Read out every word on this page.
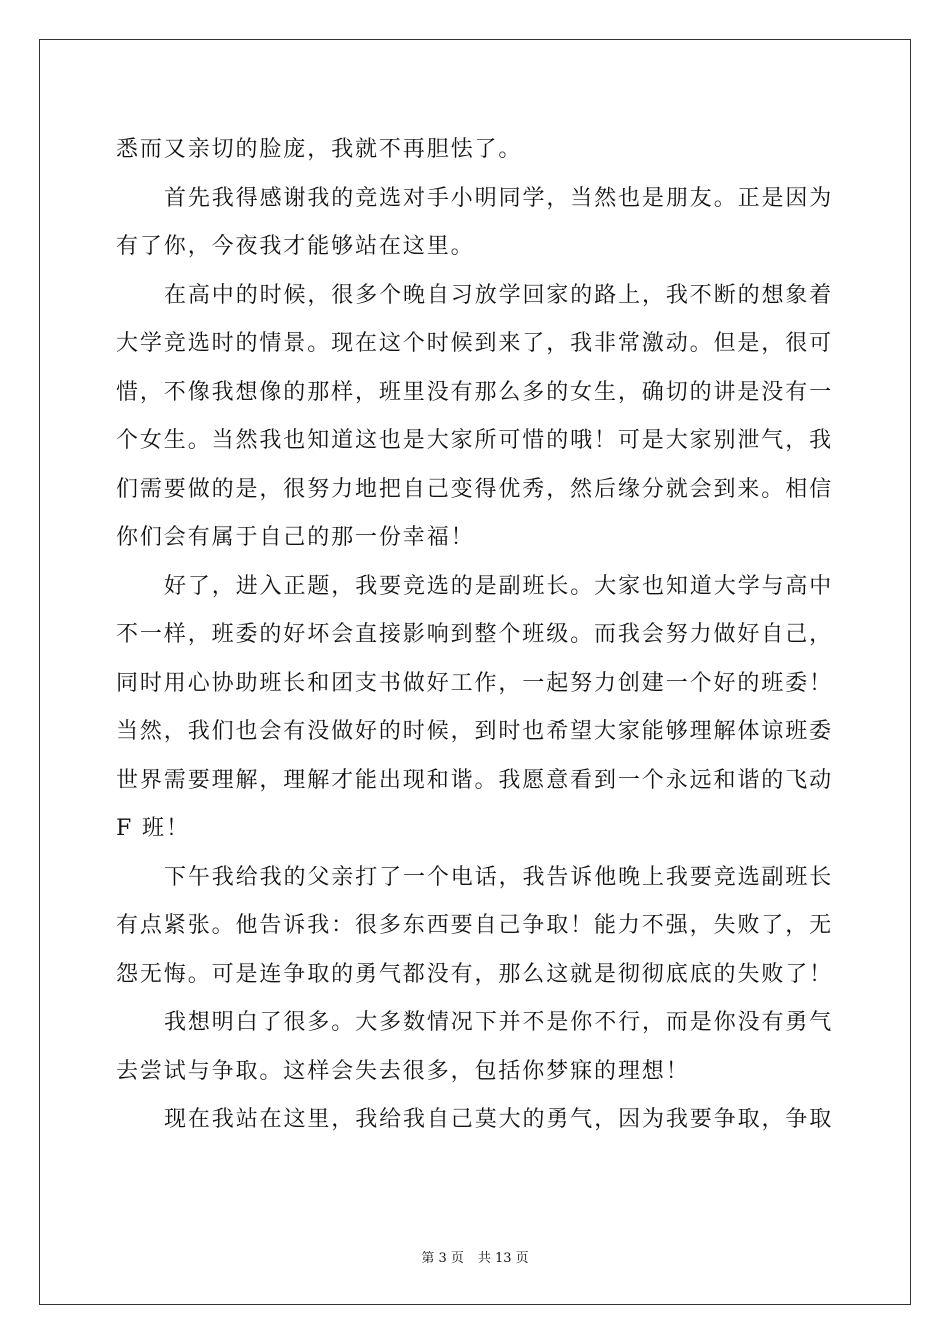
悉而又亲切的脸庞，我就不再胆怯了。
首先我得感谢我的竞选对手小明同学，当然也是朋友。正是因为
有了你，今夜我才能够站在这里。
在高中的时候，很多个晚自习放学回家的路上，我不断的想象着
大学竞选时的情景。现在这个时候到来了，我非常激动。但是，很可
惜，不像我想像的那样，班里没有那么多的女生，确切的讲是没有一
个女生。当然我也知道这也是大家所可惜的哦！可是大家别泄气，我
们需要做的是，很努力地把自己变得优秀，然后缘分就会到来。相信
你们会有属于自己的那一份幸福！
好了，进入正题，我要竞选的是副班长。大家也知道大学与高中
不一样，班委的好坏会直接影响到整个班级。而我会努力做好自己，
同时用心协助班长和团支书做好工作，一起努力创建一个好的班委！
当然，我们也会有没做好的时候，到时也希望大家能够理解体谅班委
世界需要理解，理解才能出现和谐。我愿意看到一个永远和谐的飞动
F 班！
下午我给我的父亲打了一个电话，我告诉他晚上我要竞选副班长
有点紧张。他告诉我：很多东西要自己争取！能力不强，失败了，无
怨无悔。可是连争取的勇气都没有，那么这就是彻彻底底的失败了！
我想明白了很多。大多数情况下并不是你不行，而是你没有勇气
去尝试与争取。这样会失去很多，包括你梦寐的理想！
现在我站在这里，我给我自己莫大的勇气，因为我要争取，争取
第 3 页 共 13 页
